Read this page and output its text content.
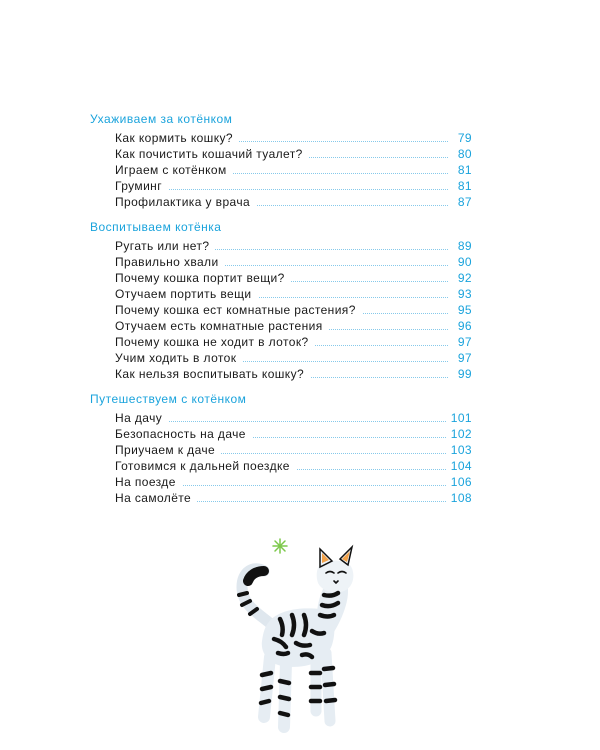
Ухаживаем за котёнком
Как кормить кошку?	79
Как почистить кошачий туалет?	80
Играем с котёнком	81
Груминг	81
Профилактика у врача	87
Воспитываем котёнка
Ругать или нет?	89
Правильно хвали	90
Почему кошка портит вещи?	92
Отучаем портить вещи	93
Почему кошка ест комнатные растения?	95
Отучаем есть комнатные растения	96
Почему кошка не ходит в лоток?	97
Учим ходить в лоток	97
Как нельзя воспитывать кошку?	99
Путешествуем с котёнком
На дачу	101
Безопасность на даче	102
Приучаем к даче	103
Готовимся к дальней поездке	104
На поезде	106
На самолёте	108
